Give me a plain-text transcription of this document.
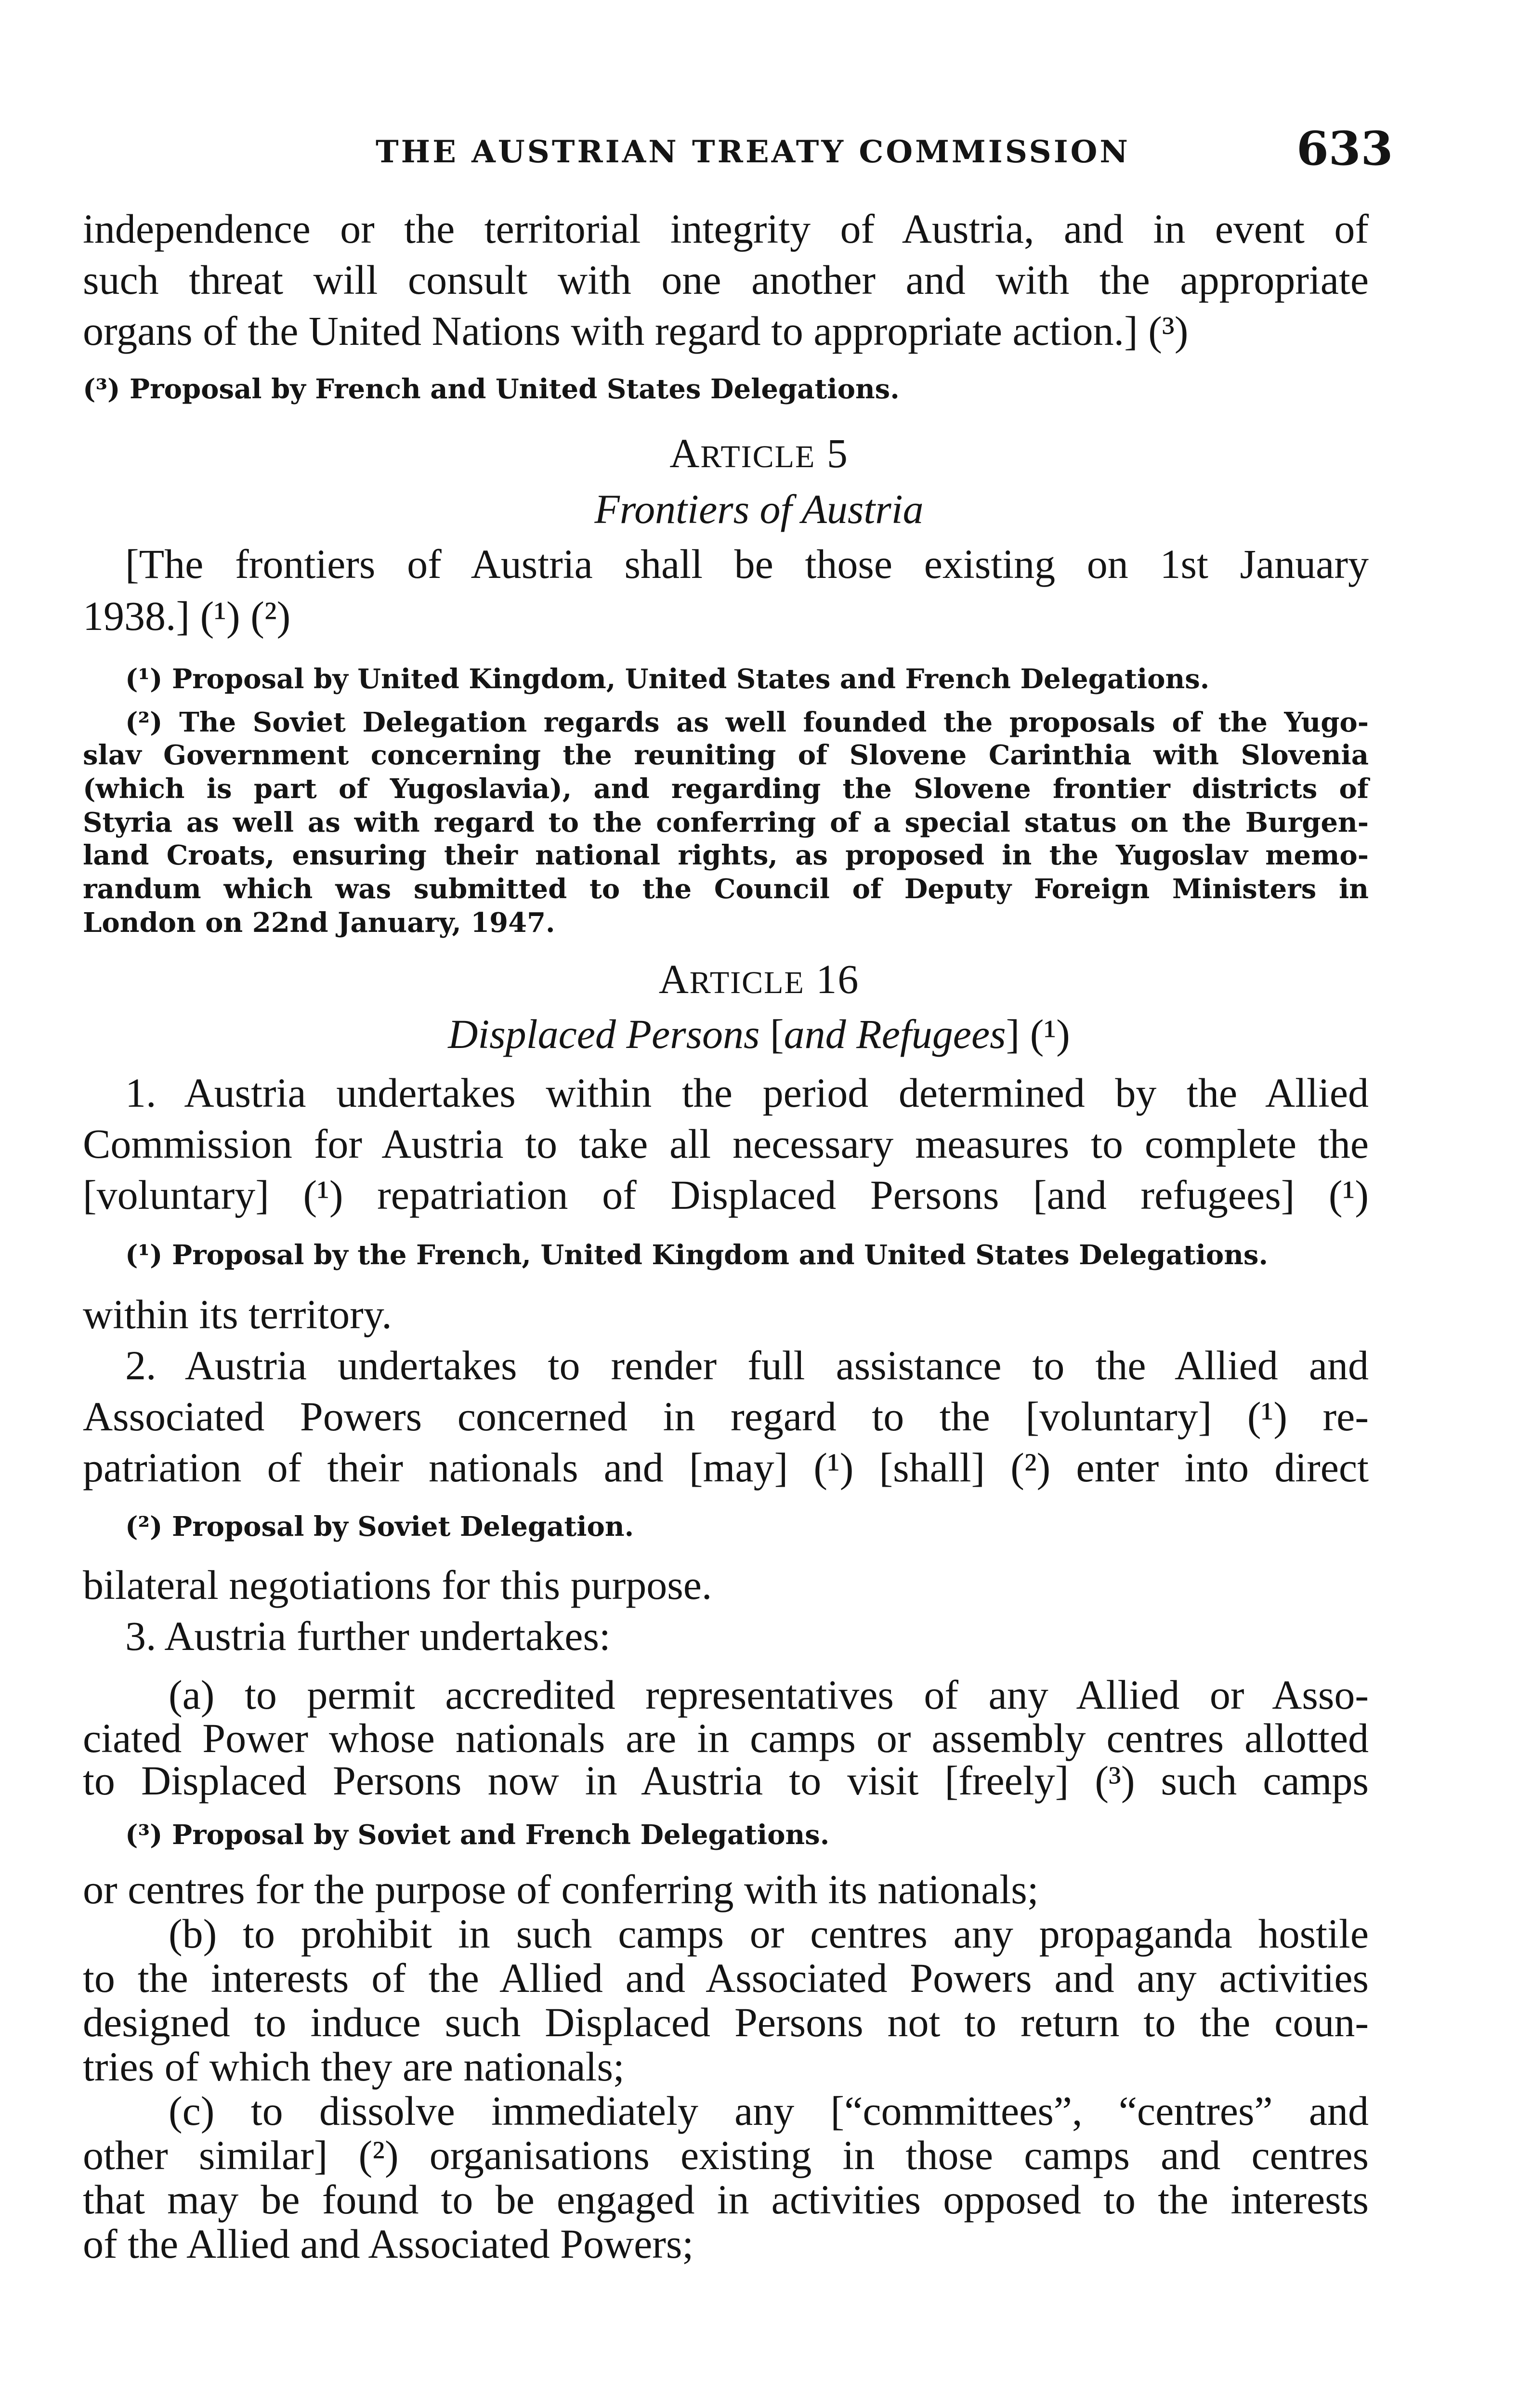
THE AUSTRIAN TREATY COMMISSION	633
independence or the territorial integrity of Austria, and in event of
such threat will consult with one another and with the appropriate
organs of the United Nations with regard to appropriate action.] (³)
(³) Proposal by French and United States Delegations.
ARTICLE 5
Frontiers of Austria
[The frontiers of Austria shall be those existing on 1st January
1938.] (¹) (²)
(¹) Proposal by United Kingdom, United States and French Delegations.
(²) The Soviet Delegation regards as well founded the proposals of the Yugo-
slav Government concerning the reuniting of Slovene Carinthia with Slovenia
(which is part of Yugoslavia), and regarding the Slovene frontier districts of
Styria as well as with regard to the conferring of a special status on the Burgen-
land Croats, ensuring their national rights, as proposed in the Yugoslav memo-
randum which was submitted to the Council of Deputy Foreign Ministers in
London on 22nd January, 1947.
ARTICLE 16
Displaced Persons [and Refugees] (¹)
1. Austria undertakes within the period determined by the Allied
Commission for Austria to take all necessary measures to complete the
[voluntary] (¹) repatriation of Displaced Persons [and refugees] (¹)
(¹) Proposal by the French, United Kingdom and United States Delegations.
within its territory.
2. Austria undertakes to render full assistance to the Allied and
Associated Powers concerned in regard to the [voluntary] (¹) re-
patriation of their nationals and [may] (¹) [shall] (²) enter into direct
(²) Proposal by Soviet Delegation.
bilateral negotiations for this purpose.
3. Austria further undertakes:
(a) to permit accredited representatives of any Allied or Asso-
ciated Power whose nationals are in camps or assembly centres allotted
to Displaced Persons now in Austria to visit [freely] (³) such camps
(³) Proposal by Soviet and French Delegations.
or centres for the purpose of conferring with its nationals;
(b) to prohibit in such camps or centres any propaganda hostile
to the interests of the Allied and Associated Powers and any activities
designed to induce such Displaced Persons not to return to the coun-
tries of which they are nationals;
(c) to dissolve immediately any [“committees”, “centres” and
other similar] (²) organisations existing in those camps and centres
that may be found to be engaged in activities opposed to the interests
of the Allied and Associated Powers;
